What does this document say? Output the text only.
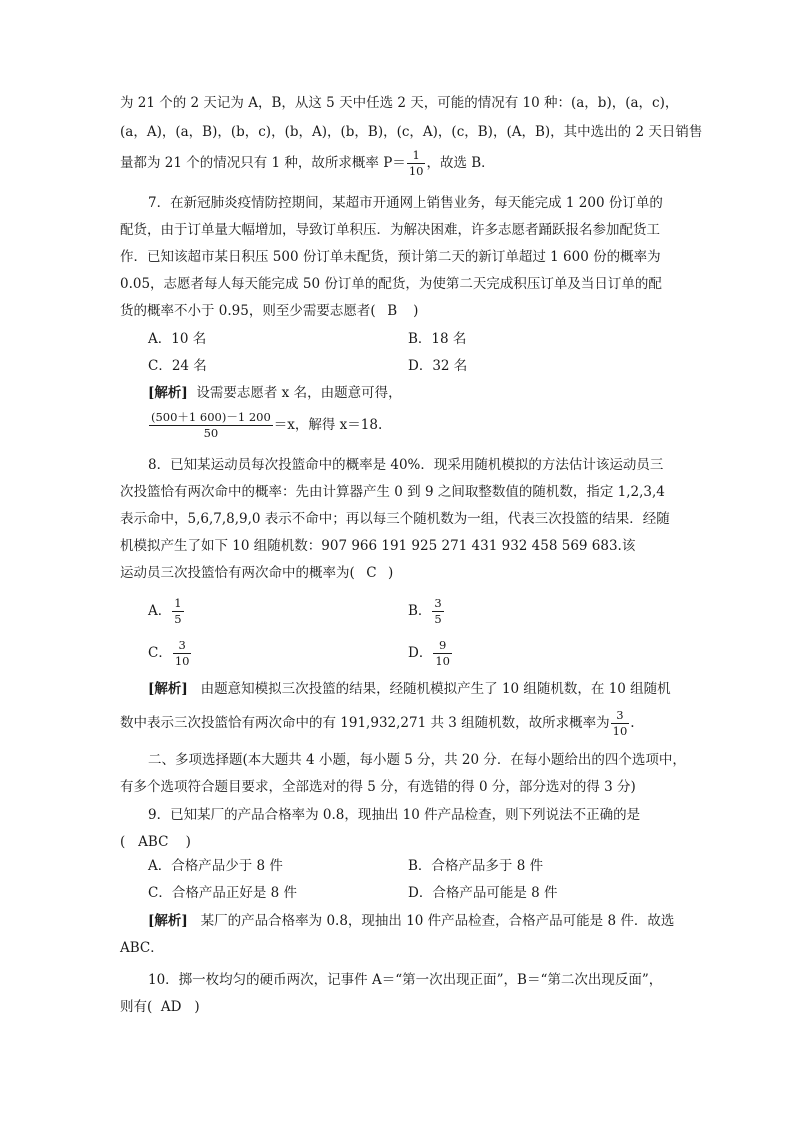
为 21 个的 2 天记为 A，B，从这 5 天中任选 2 天，可能的情况有 10 种：(a，b)，(a，c)，
(a，A)，(a，B)，(b，c)，(b，A)，(b，B)，(c，A)，(c，B)，(A，B)，其中选出的 2 天日销售
量都为 21 个的情况只有 1 种，故所求概率 $P= \frac{1}{10}$ ，故选 B．
7．在新冠肺炎疫情防控期间，某超市开通网上销售业务，每天能完成 1 200 份订单的
配货，由于订单量大幅增加，导致订单积压．为解决困难，许多志愿者踊跃报名参加配货工
作．已知该超市某日积压 500 份订单未配货，预计第二天的新订单超过 1 600 份的概率为
0.05，志愿者每人每天能完成 50 份订单的配货，为使第二天完成积压订单及当日订单的配
货的概率不小于 0.95，则至少需要志愿者( B )
A．10 名	B．18 名
C．24 名	D．32 名
[解析] 设需要志愿者 x 名，由题意可得，
$\frac{(500+1 600)-1 200}{50} =x$，解得 x＝18.
8．已知某运动员每次投篮命中的概率是 40%．现采用随机模拟的方法估计该运动员三
次投篮恰有两次命中的概率：先由计算器产生 0 到 9 之间取整数值的随机数，指定 1,2,3,4
表示命中，5,6,7,8,9,0 表示不命中；再以每三个随机数为一组，代表三次投篮的结果．经随
机模拟产生了如下 10 组随机数：907 966 191 925 271 431 932 458 569 683.该
运动员三次投篮恰有两次命中的概率为( C )
A． $\frac{1}{5}$	B． $\frac{3}{5}$
C． $\frac{3}{10}$	D． $\frac{9}{10}$
[解析] 由题意知模拟三次投篮的结果，经随机模拟产生了 10 组随机数，在 10 组随机
数中表示三次投篮恰有两次命中的有 191,932,271 共 3 组随机数，故所求概率为 $\frac{3}{10}$ .
二、多项选择题(本大题共 4 小题，每小题 5 分，共 20 分．在每小题给出的四个选项中，
有多个选项符合题目要求，全部选对的得 5 分，有选错的得 0 分，部分选对的得 3 分)
9．已知某厂的产品合格率为 0.8，现抽出 10 件产品检查，则下列说法不正确的是
( ABC )
A．合格产品少于 8 件	B．合格产品多于 8 件
C．合格产品正好是 8 件	D．合格产品可能是 8 件
[解析] 某厂的产品合格率为 0.8，现抽出 10 件产品检查，合格产品可能是 8 件．故选
ABC．
10．掷一枚均匀的硬币两次，记事件 A＝“第一次出现正面”，B＝“第二次出现反面”，
则有( AD )
